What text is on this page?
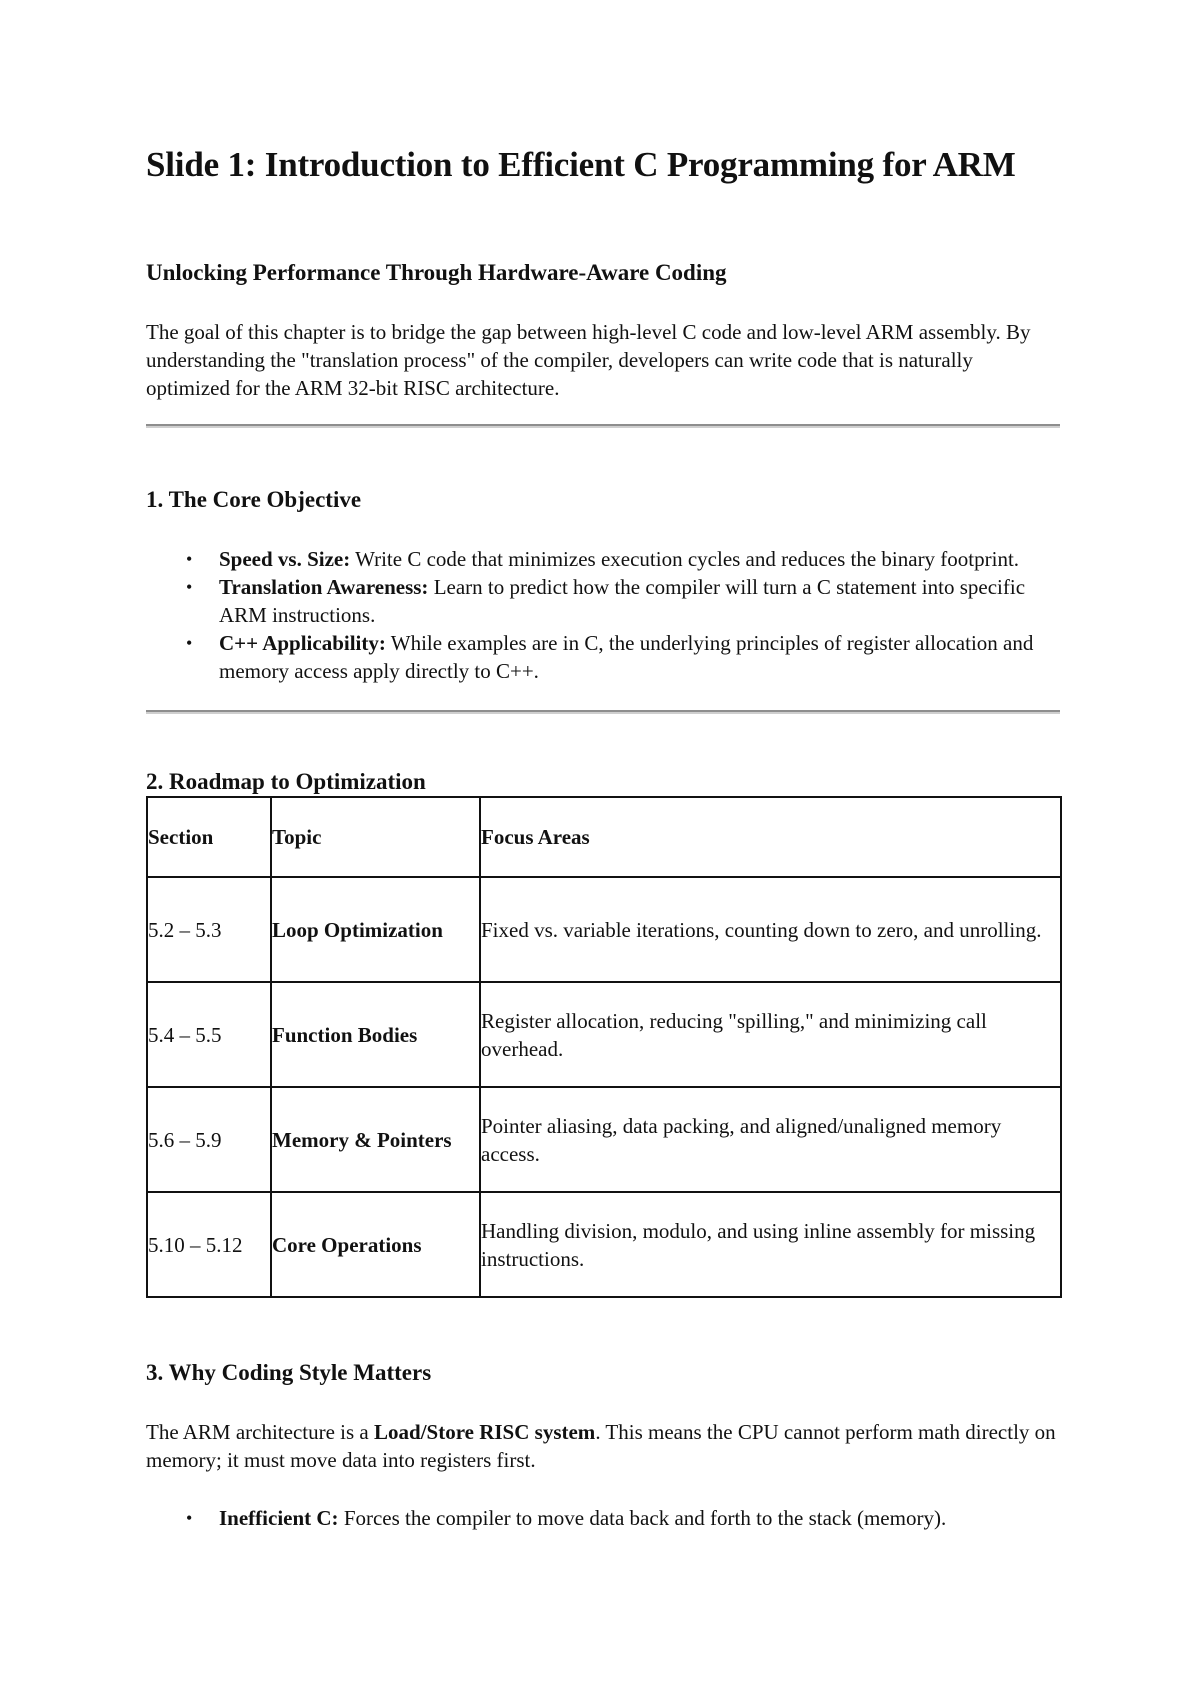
Slide 1: Introduction to Efficient C Programming for ARM

Unlocking Performance Through Hardware-Aware Coding

The goal of this chapter is to bridge the gap between high-level C code and low-level ARM assembly. By understanding the "translation process" of the compiler, developers can write code that is naturally optimized for the ARM 32-bit RISC architecture.

1. The Core Objective
• Speed vs. Size: Write C code that minimizes execution cycles and reduces the binary footprint.
• Translation Awareness: Learn to predict how the compiler will turn a C statement into specific ARM instructions.
• C++ Applicability: While examples are in C, the underlying principles of register allocation and memory access apply directly to C++.
2. Roadmap to Optimization
Section	Topic	Focus Areas
5.2 – 5.3	Loop Optimization	Fixed vs. variable iterations, counting down to zero, and unrolling.
5.4 – 5.5	Function Bodies	Register allocation, reducing "spilling," and minimizing call overhead.
5.6 – 5.9	Memory & Pointers	Pointer aliasing, data packing, and aligned/unaligned memory access.
5.10 – 5.12	Core Operations	Handling division, modulo, and using inline assembly for missing instructions.
3. Why Coding Style Matters

The ARM architecture is a Load/Store RISC system. This means the CPU cannot perform math directly on memory; it must move data into registers first.

• Inefficient C: Forces the compiler to move data back and forth to the stack (memory).
